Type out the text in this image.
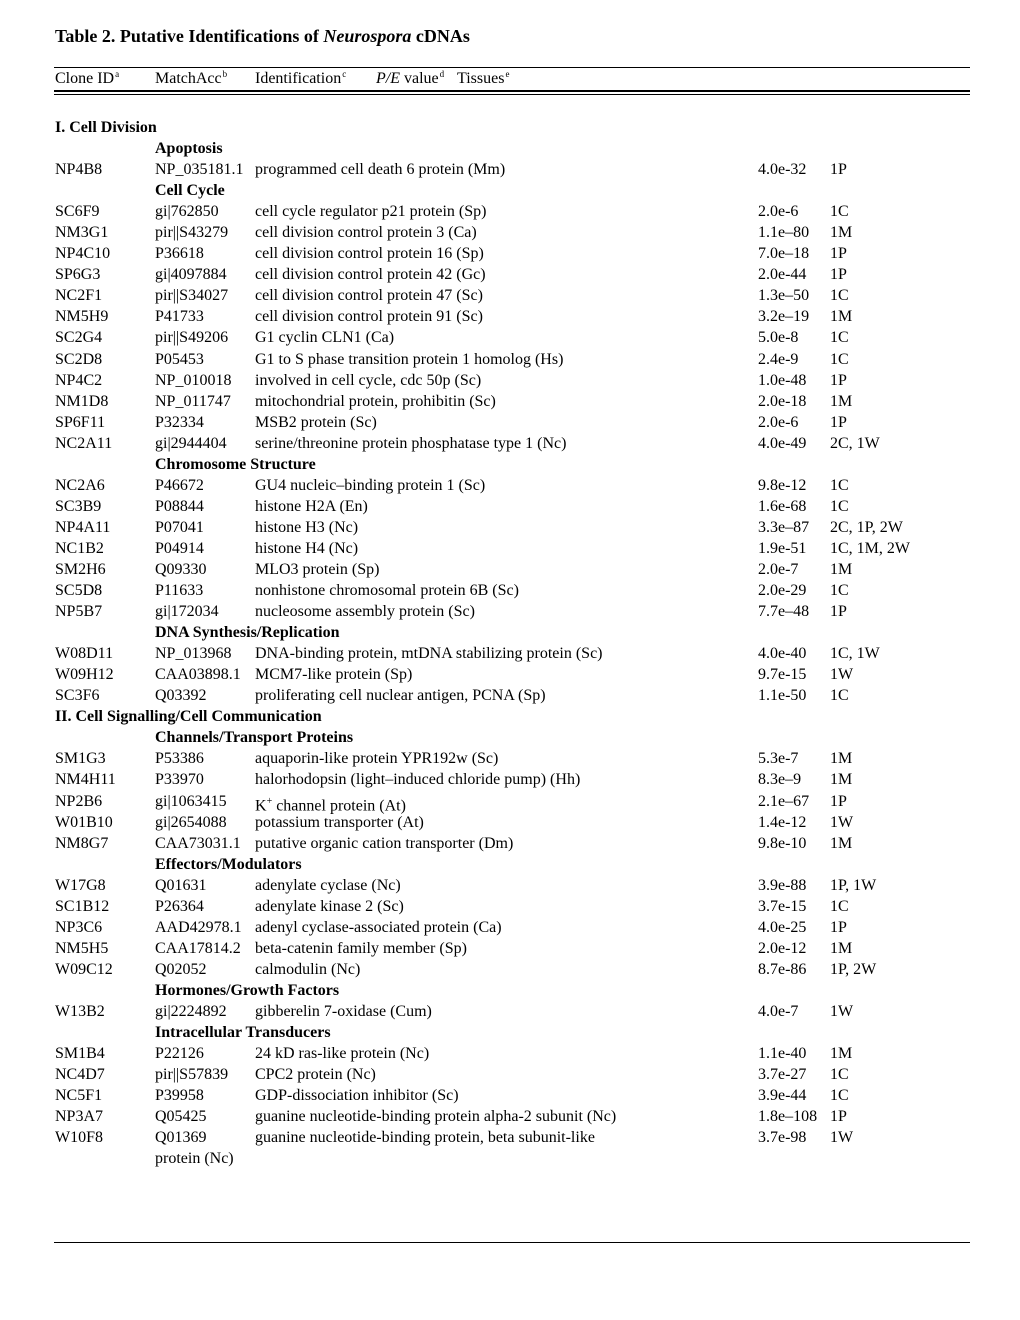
Table 2. Putative Identifications of Neurospora cDNAs
Clone $ID^a$ MatchAcc$^b$ Identification$^c$ P/E value$^d$ Tissues$^e$
I. Cell Division
Apoptosis
NP4B8	NP_035181.1 programmed cell death 6 protein (Mm)	4.0e-32 1P
Cell Cycle
SC6F9	gi|762850 cell cycle regulator p21 protein (Sp)	2.0e-6 1C
NM3G1	pir||S43279 cell division control protein 3 (Ca)	1.1e–80 1M
NP4C10	P36618	cell division control protein 16 (Sp)	7.0e–18 1P
SP6G3	gi|4097884 cell division control protein 42 (Gc)	2.0e-44 1P
NC2F1	pir||S34027 cell division control protein 47 (Sc)	1.3e–50 1C
NM5H9	P41733	cell division control protein 91 (Sc)	3.2e–19 1M
SC2G4	pir||S49206 G1 cyclin CLN1 (Ca)	5.0e-8 1C
SC2D8	P05453	G1 to S phase transition protein 1 homolog (Hs)	2.4e-9 1C
NP4C2	NP_010018 involved in cell cycle, cdc 50p (Sc)	1.0e-48 1P
NM1D8	NP_011747 mitochondrial protein, prohibitin (Sc)	2.0e-18 1M
SP6F11	P32334	MSB2 protein (Sc)	2.0e-6 1P
NC2A11	gi|2944404 serine/threonine protein phosphatase type 1 (Nc)	4.0e-49 2C, 1W
Chromosome Structure
NC2A6	P46672	GU4 nucleic–binding protein 1 (Sc)	9.8e-12 1C
SC3B9	P08844	histone H2A (En)	1.6e-68 1C
NP4A11	P07041	histone H3 (Nc)	3.3e–87 2C, 1P, 2W
NC1B2	P04914	histone H4 (Nc)	1.9e-51 1C, 1M, 2W
SM2H6	Q09330	MLO3 protein (Sp)	2.0e-7 1M
SC5D8	P11633	nonhistone chromosomal protein 6B (Sc)	2.0e-29 1C
NP5B7	gi|172034 nucleosome assembly protein (Sc)	7.7e–48 1P
DNA Synthesis/Replication
W08D11	NP_013968 DNA-binding protein, mtDNA stabilizing protein (Sc)	4.0e-40 1C, 1W
W09H12	CAA03898.1 MCM7-like protein (Sp)	9.7e-15 1W
SC3F6	Q03392	proliferating cell nuclear antigen, PCNA (Sp)	1.1e-50 1C
II. Cell Signalling/Cell Communication
Channels/Transport Proteins
SM1G3	P53386	aquaporin-like protein YPR192w (Sc)	5.3e-7 1M
NM4H11 P33970	halorhodopsin (light–induced chloride pump) (Hh)	8.3e–9 1M
NP2B6	gi|1063415 K+ channel protein (At)	2.1e–67 1P
W01B10	gi|2654088 potassium transporter (At)	1.4e-12 1W
NM8G7	CAA73031.1 putative organic cation transporter (Dm)	9.8e-10 1M
Effectors/Modulators
W17G8	Q01631	adenylate cyclase (Nc)	3.9e-88 1P, 1W
SC1B12	P26364	adenylate kinase 2 (Sc)	3.7e-15 1C
NP3C6	AAD42978.1 adenyl cyclase-associated protein (Ca)	4.0e-25 1P
NM5H5	CAA17814.2 beta-catenin family member (Sp)	2.0e-12 1M
W09C12	Q02052	calmodulin (Nc)	8.7e-86 1P, 2W
Hormones/Growth Factors
W13B2	gi|2224892 gibberelin 7-oxidase (Cum)	4.0e-7 1W
Intracellular Transducers
SM1B4	P22126	24 kD ras-like protein (Nc)	1.1e-40 1M
NC4D7	pir||S57839 CPC2 protein (Nc)	3.7e-27 1C
NC5F1	P39958	GDP-dissociation inhibitor (Sc)	3.9e-44 1C
NP3A7	Q05425	guanine nucleotide-binding protein alpha-2 subunit (Nc)	1.8e–108 1P
W10F8	Q01369	guanine nucleotide-binding protein, beta subunit-like	3.7e-98 1W
protein (Nc)
